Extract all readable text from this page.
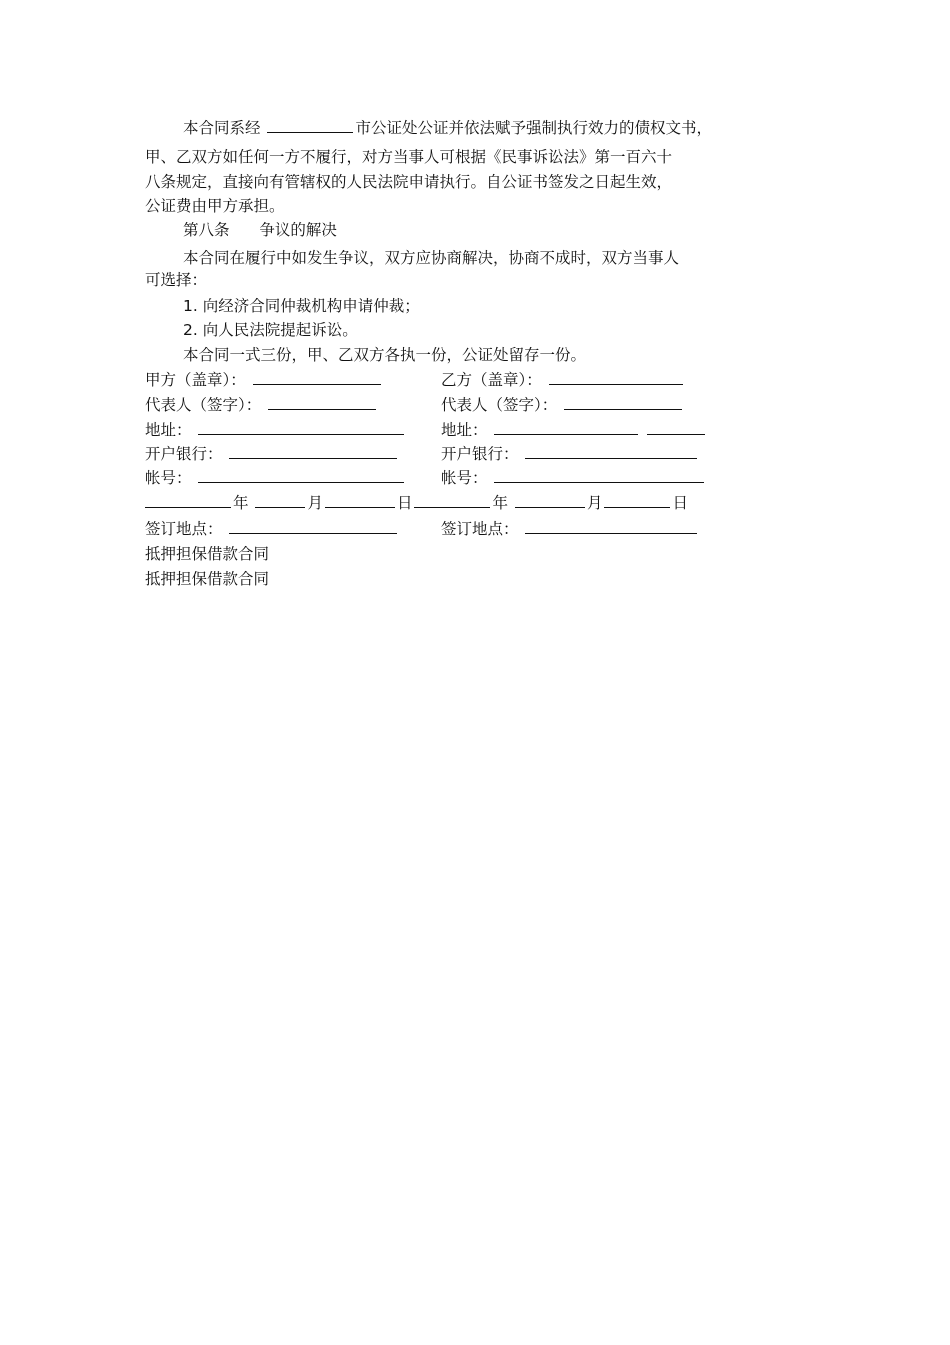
本合同系经	市公证处公证并依法赋予强制执行效力的债权文书，
甲、乙双方如任何一方不履行，对方当事人可根据《民事诉讼法》第一百六十
八条规定，直接向有管辖权的人民法院申请执行。自公证书签发之日起生效，
公证费由甲方承担。
第八条 争议的解决
本合同在履行中如发生争议，双方应协商解决，协商不成时，双方当事人
可选择：
1. 向经济合同仲裁机构申请仲裁；
2. 向人民法院提起诉讼。
本合同一式三份，甲、乙双方各执一份，公证处留存一份。
甲方（盖章）：	乙方（盖章）：
代表人（签字）：	代表人（签字）：
地址：	地址：
开户银行：	开户银行：
帐号：	帐号：
年	月	日	年	月	日
签订地点：	签订地点：
抵押担保借款合同
抵押担保借款合同
